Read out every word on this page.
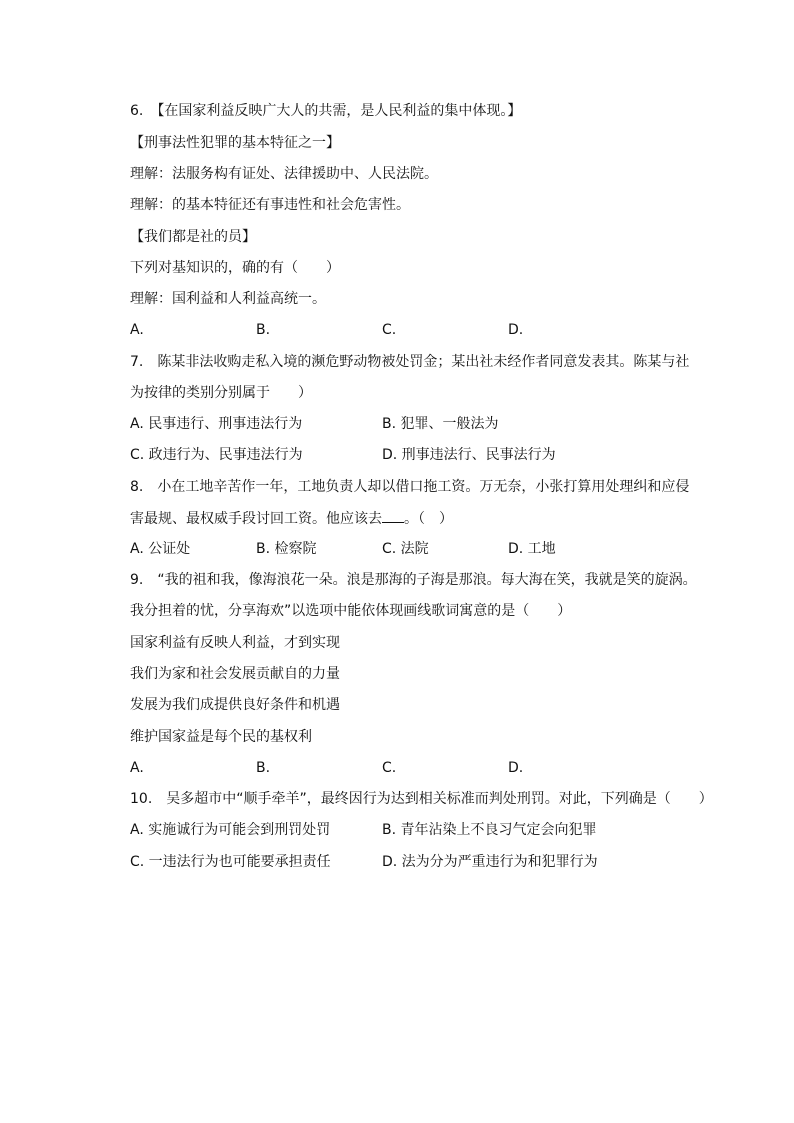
6.　【在国家利益反映广大人的共需，是人民利益的集中体现。】
【刑事法性犯罪的基本特征之一】
理解：法服务构有证处、法律援助中、人民法院。
理解：的基本特征还有事违性和社会危害性。
【我们都是社的员】
下列对基知识的，确的有（　　）
理解：国利益和人利益高统一。
A.	B.	C.	D.
7.　陈某非法收购走私入境的濒危野动物被处罚金；某出社未经作者同意发表其。陈某与社
为按律的类别分别属于　　）
A. 民事违行、刑事违法行为	B. 犯罪、一般法为
C. 政违行为、民事违法行为	D. 刑事违法行、民事法行为
8.　小在工地辛苦作一年，工地负责人却以借口拖工资。万无奈，小张打算用处理纠和应侵
害最规、最权威手段讨回工资。他应该去 。（　）
A. 公证处	B. 检察院	C. 法院	D. 工地
9.　“我的祖和我，像海浪花一朵。浪是那海的子海是那浪。每大海在笑，我就是笑的旋涡。
我分担着的忧，分享海欢”以选项中能依体现画线歌词寓意的是（　　）
国家利益有反映人利益，才到实现
我们为家和社会发展贡献自的力量
发展为我们成提供良好条件和机遇
维护国家益是每个民的基权利
A.	B.	C.	D.
10.　吴多超市中“顺手牵羊”，最终因行为达到相关标准而判处刑罚。对此，下列确是（　　）
A. 实施诚行为可能会到刑罚处罚	B. 青年沾染上不良习气定会向犯罪
C. 一违法行为也可能要承担责任	D. 法为分为严重违行为和犯罪行为
